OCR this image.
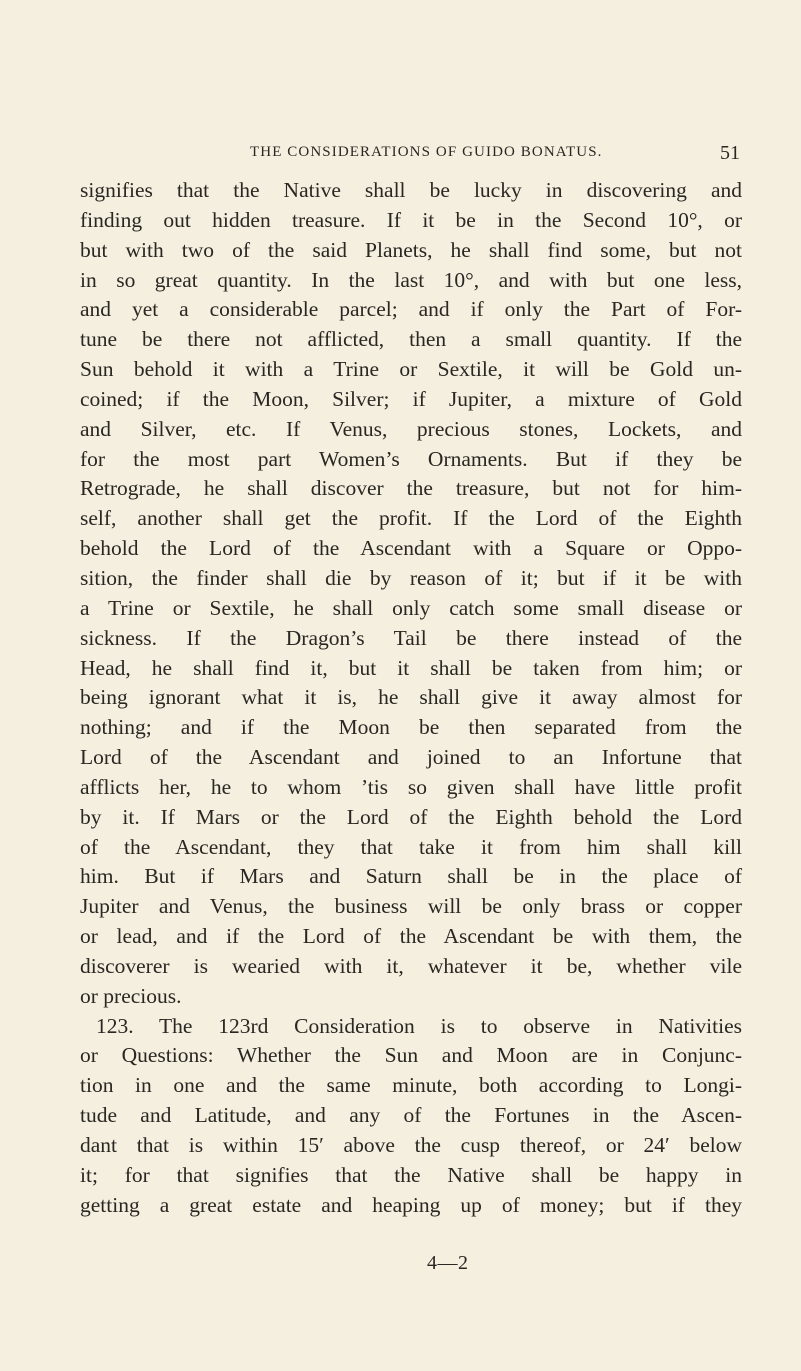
THE CONSIDERATIONS OF GUIDO BONATUS.	51
signifies that the Native shall be lucky in discovering and
finding out hidden treasure. If it be in the Second 10°, or
but with two of the said Planets, he shall find some, but not
in so great quantity. In the last 10°, and with but one less,
and yet a considerable parcel; and if only the Part of For-
tune be there not afflicted, then a small quantity. If the
Sun behold it with a Trine or Sextile, it will be Gold un-
coined; if the Moon, Silver; if Jupiter, a mixture of Gold
and Silver, etc. If Venus, precious stones, Lockets, and
for the most part Women’s Ornaments. But if they be
Retrograde, he shall discover the treasure, but not for him-
self, another shall get the profit. If the Lord of the Eighth
behold the Lord of the Ascendant with a Square or Oppo-
sition, the finder shall die by reason of it; but if it be with
a Trine or Sextile, he shall only catch some small disease or
sickness. If the Dragon’s Tail be there instead of the
Head, he shall find it, but it shall be taken from him; or
being ignorant what it is, he shall give it away almost for
nothing; and if the Moon be then separated from the
Lord of the Ascendant and joined to an Infortune that
afflicts her, he to whom ’tis so given shall have little profit
by it. If Mars or the Lord of the Eighth behold the Lord
of the Ascendant, they that take it from him shall kill
him. But if Mars and Saturn shall be in the place of
Jupiter and Venus, the business will be only brass or copper
or lead, and if the Lord of the Ascendant be with them, the
discoverer is wearied with it, whatever it be, whether vile
or precious.
123. The 123rd Consideration is to observe in Nativities
or Questions: Whether the Sun and Moon are in Conjunc-
tion in one and the same minute, both according to Longi-
tude and Latitude, and any of the Fortunes in the Ascen-
dant that is within 15′ above the cusp thereof, or 24′ below
it; for that signifies that the Native shall be happy in
getting a great estate and heaping up of money; but if they
4—2
